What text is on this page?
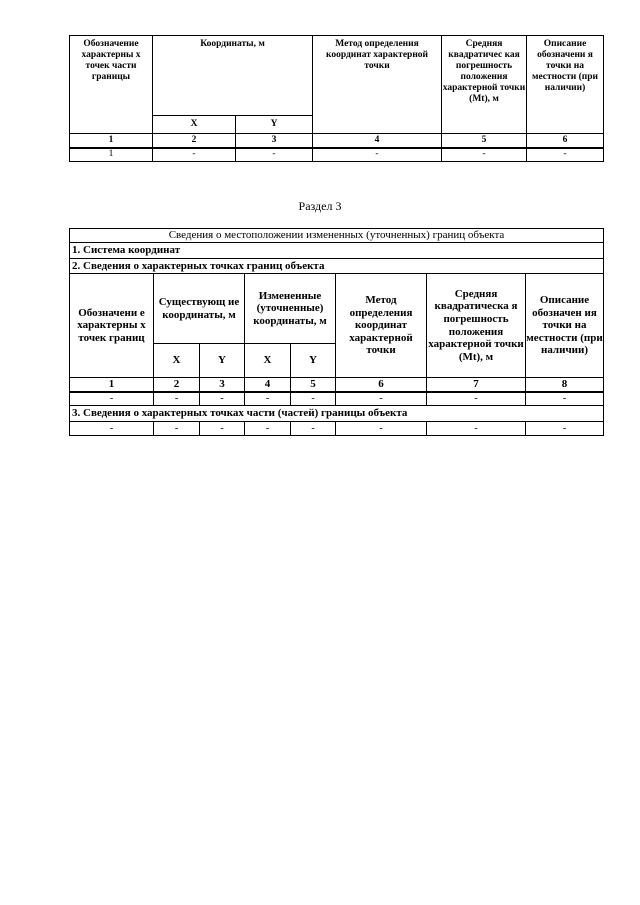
Обозначение характерны х точек части границы	Координаты, м		Метод определения координат характерной точки	Средняя квадратичес кая погрешность положения характерной точки (Mt), м	Описание обозначени я точки на местности (при наличии)
	X	Y			
1	2	3	4	5	6
1	-	-	-	-	-
Раздел 3
Сведения о местоположении измененных (уточненных) границ объекта							
1. Система координат							
2. Сведения о характерных точках границ объекта							
Обозначени е характерны х точек границ	Существующ ие координаты, м		Измененные (уточненные) координаты, м		Метод определения координат характерной точки	Средняя квадратическа я погрешность положения характерной точки (Mt), м	Описание обозначен ия точки на местности (при наличии)
	X	Y	X	Y			
1	2	3	4	5	6	7	8
-	-	-	-	-	-	-	-
3. Сведения о характерных точках части (частей) границы объекта							
-	-	-	-	-	-	-	-
